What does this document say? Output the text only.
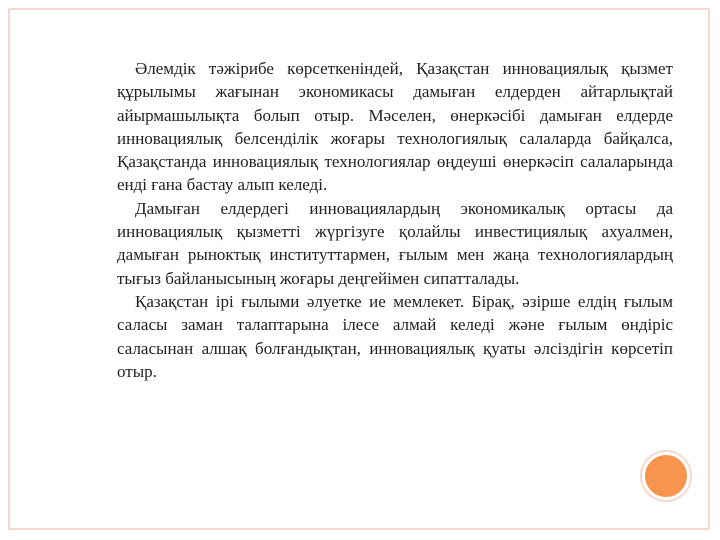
Әлемдік тәжірибе көрсеткеніндей, Қазақстан инновациялық қызмет құрылымы жағынан экономикасы дамыған елдерден айтарлықтай айырмашылықта болып отыр. Мәселен, өнеркәсібі дамыған елдерде инновациялық белсенділік жоғары технологиялық салаларда байқалса, Қазақстанда инновациялық технологиялар өңдеуші өнеркәсіп салаларында енді ғана бастау алып келеді.

Дамыған елдердегі инновациялардың экономикалық ортасы да инновациялық қызметті жүргізуге қолайлы инвестициялық ахуалмен, дамыған рыноктық институттармен, ғылым мен жаңа технологиялардың тығыз байланысының жоғары деңгейімен сипатталады.

Қазақстан ірі ғылыми әлуетке ие мемлекет. Бірақ, әзірше елдің ғылым саласы заман талаптарына ілесе алмай келеді және ғылым өндіріс саласынан алшақ болғандықтан, инновациялық қуаты әлсіздігін көрсетіп отыр.
